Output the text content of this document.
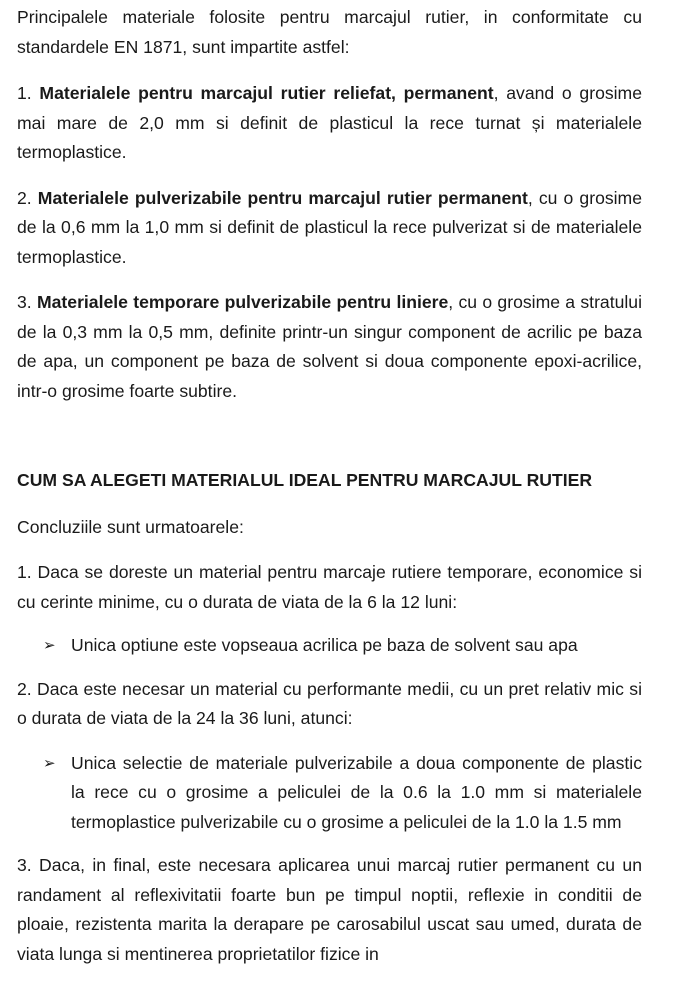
Principalele materiale folosite pentru marcajul rutier, in conformitate cu standardele EN 1871, sunt impartite astfel:

1. Materialele pentru marcajul rutier reliefat, permanent, avand o grosime mai mare de 2,0 mm si definit de plasticul la rece turnat și materialele termoplastice.

2. Materialele pulverizabile pentru marcajul rutier permanent, cu o grosime de la 0,6 mm la 1,0 mm si definit de plasticul la rece pulverizat si de materialele termoplastice.

3. Materialele temporare pulverizabile pentru liniere, cu o grosime a stratului de la 0,3 mm la 0,5 mm, definite printr-un singur component de acrilic pe baza de apa, un component pe baza de solvent si doua componente epoxi-acrilice, intr-o grosime foarte subtire.

CUM SA ALEGETI MATERIALUL IDEAL PENTRU MARCAJUL RUTIER

Concluziile sunt urmatoarele:

1. Daca se doreste un material pentru marcaje rutiere temporare, economice si cu cerinte minime, cu o durata de viata de la 6 la 12 luni:

➢ Unica optiune este vopseaua acrilica pe baza de solvent sau apa

2. Daca este necesar un material cu performante medii, cu un pret relativ mic si o durata de viata de la 24 la 36 luni, atunci:

➢ Unica selectie de materiale pulverizabile a doua componente de plastic la rece cu o grosime a peliculei de la 0.6 la 1.0 mm si materialele termoplastice pulverizabile cu o grosime a peliculei de la 1.0 la 1.5 mm

3. Daca, in final, este necesara aplicarea unui marcaj rutier permanent cu un randament al reflexivitatii foarte bun pe timpul noptii, reflexie in conditii de ploaie, rezistenta marita la derapare pe carosabilul uscat sau umed, durata de viata lunga si mentinerea proprietatilor fizice in
